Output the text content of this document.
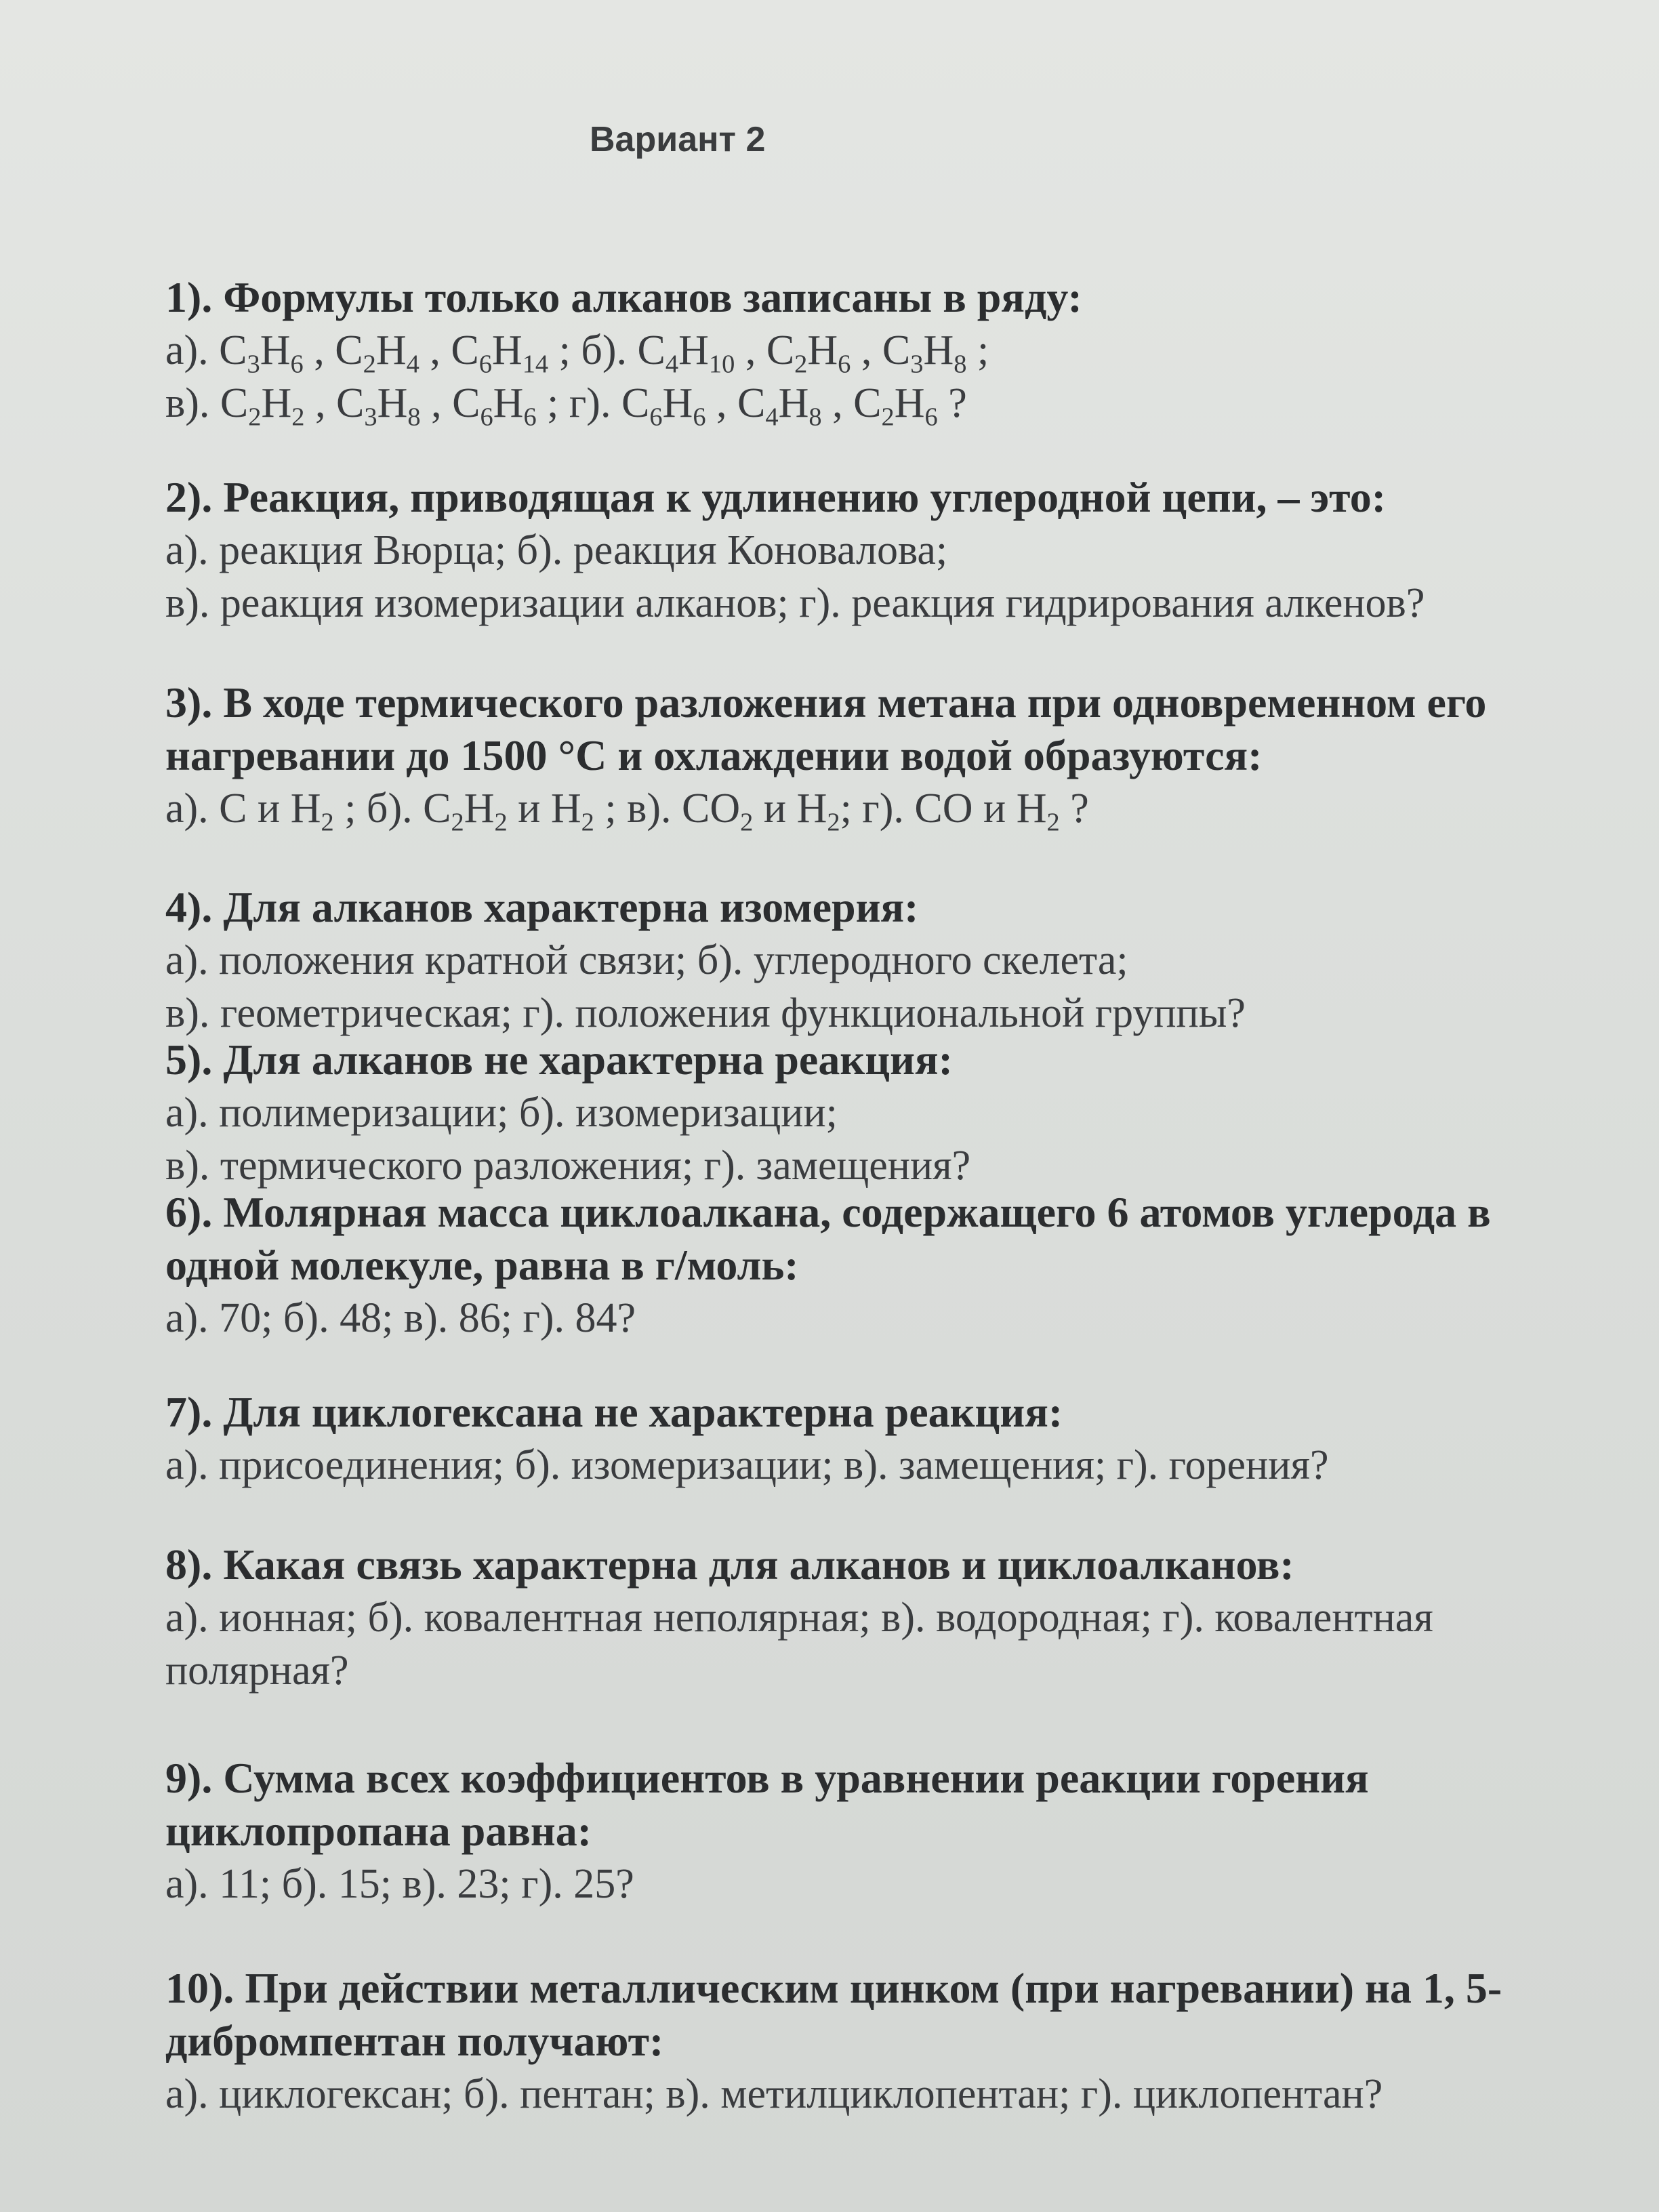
Вариант 2

1). Формулы только алканов записаны в ряду:

а). $C_3H_6$ , $C_2H_4$ , $C_6H_{14}$ ; б). $C_4H_{10}$ , $C_2H_6$ , $C_3H_8$ ;

в). $C_2H_2$ , $C_3H_8$ , $C_6H_6$ ; г). $C_6H_6$ , $C_4H_8$ , $C_2H_6$ ?

2). Реакция, приводящая к удлинению углеродной цепи, – это:

а). реакция Вюрца; б). реакция Коновалова;

в). реакция изомеризации алканов; г). реакция гидрирования алкенов?

3). В ходе термического разложения метана при одновременном его

нагревании до 1500 °С и охлаждении водой образуются:

а). С и $H_2$ ; б). $C_2H_2$ и $H_2$ ; в). $CO_2$ и $H_2$; г). CO и $H_2$ ?

4). Для алканов характерна изомерия:

а). положения кратной связи; б). углеродного скелета;

в). геометрическая; г). положения функциональной группы?

5). Для алканов не характерна реакция:

а). полимеризации; б). изомеризации;

в). термического разложения; г). замещения?

6). Молярная масса циклоалкана, содержащего 6 атомов углерода в

одной молекуле, равна в г/моль:

а). 70; б). 48; в). 86; г). 84?

7). Для циклогексана не характерна реакция:

а). присоединения; б). изомеризации; в). замещения; г). горения?

8). Какая связь характерна для алканов и циклоалканов:

а). ионная; б). ковалентная неполярная; в). водородная; г). ковалентная

полярная?

9). Сумма всех коэффициентов в уравнении реакции горения

циклопропана равна:

а). 11; б). 15; в). 23; г). 25?

10). При действии металлическим цинком (при нагревании) на 1, 5-

дибромпентан получают:

а). циклогексан; б). пентан; в). метилциклопентан; г). циклопентан?
